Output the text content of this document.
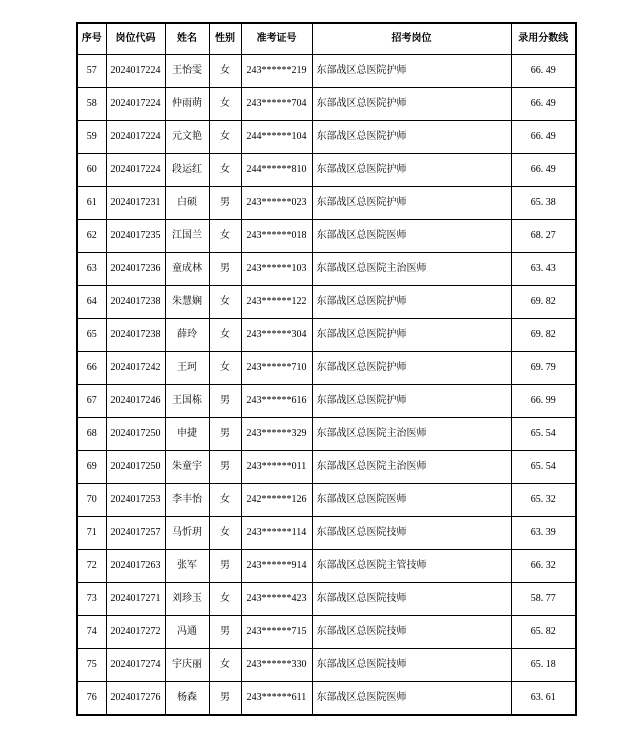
序号	岗位代码	姓名	性别	准考证号	招考岗位	录用分数线
57	2024017224	王怡雯	女	243******219	东部战区总医院护师	66. 49
58	2024017224	仲雨萌	女	243******704	东部战区总医院护师	66. 49
59	2024017224	元文艳	女	244******104	东部战区总医院护师	66. 49
60	2024017224	段运红	女	244******810	东部战区总医院护师	66. 49
61	2024017231	白硕	男	243******023	东部战区总医院护师	65. 38
62	2024017235	江国兰	女	243******018	东部战区总医院医师	68. 27
63	2024017236	童成林	男	243******103	东部战区总医院主治医师	63. 43
64	2024017238	朱慧娴	女	243******122	东部战区总医院护师	69. 82
65	2024017238	薛玲	女	243******304	东部战区总医院护师	69. 82
66	2024017242	王珂	女	243******710	东部战区总医院护师	69. 79
67	2024017246	王国栋	男	243******616	东部战区总医院护师	66. 99
68	2024017250	申捷	男	243******329	东部战区总医院主治医师	65. 54
69	2024017250	朱童宇	男	243******011	东部战区总医院主治医师	65. 54
70	2024017253	李丰怡	女	242******126	东部战区总医院医师	65. 32
71	2024017257	马忻玥	女	243******114	东部战区总医院技师	63. 39
72	2024017263	张军	男	243******914	东部战区总医院主管技师	66. 32
73	2024017271	刘珍玉	女	243******423	东部战区总医院技师	58. 77
74	2024017272	冯通	男	243******715	东部战区总医院技师	65. 82
75	2024017274	宇庆丽	女	243******330	东部战区总医院技师	65. 18
76	2024017276	杨森	男	243******611	东部战区总医院医师	63. 61
